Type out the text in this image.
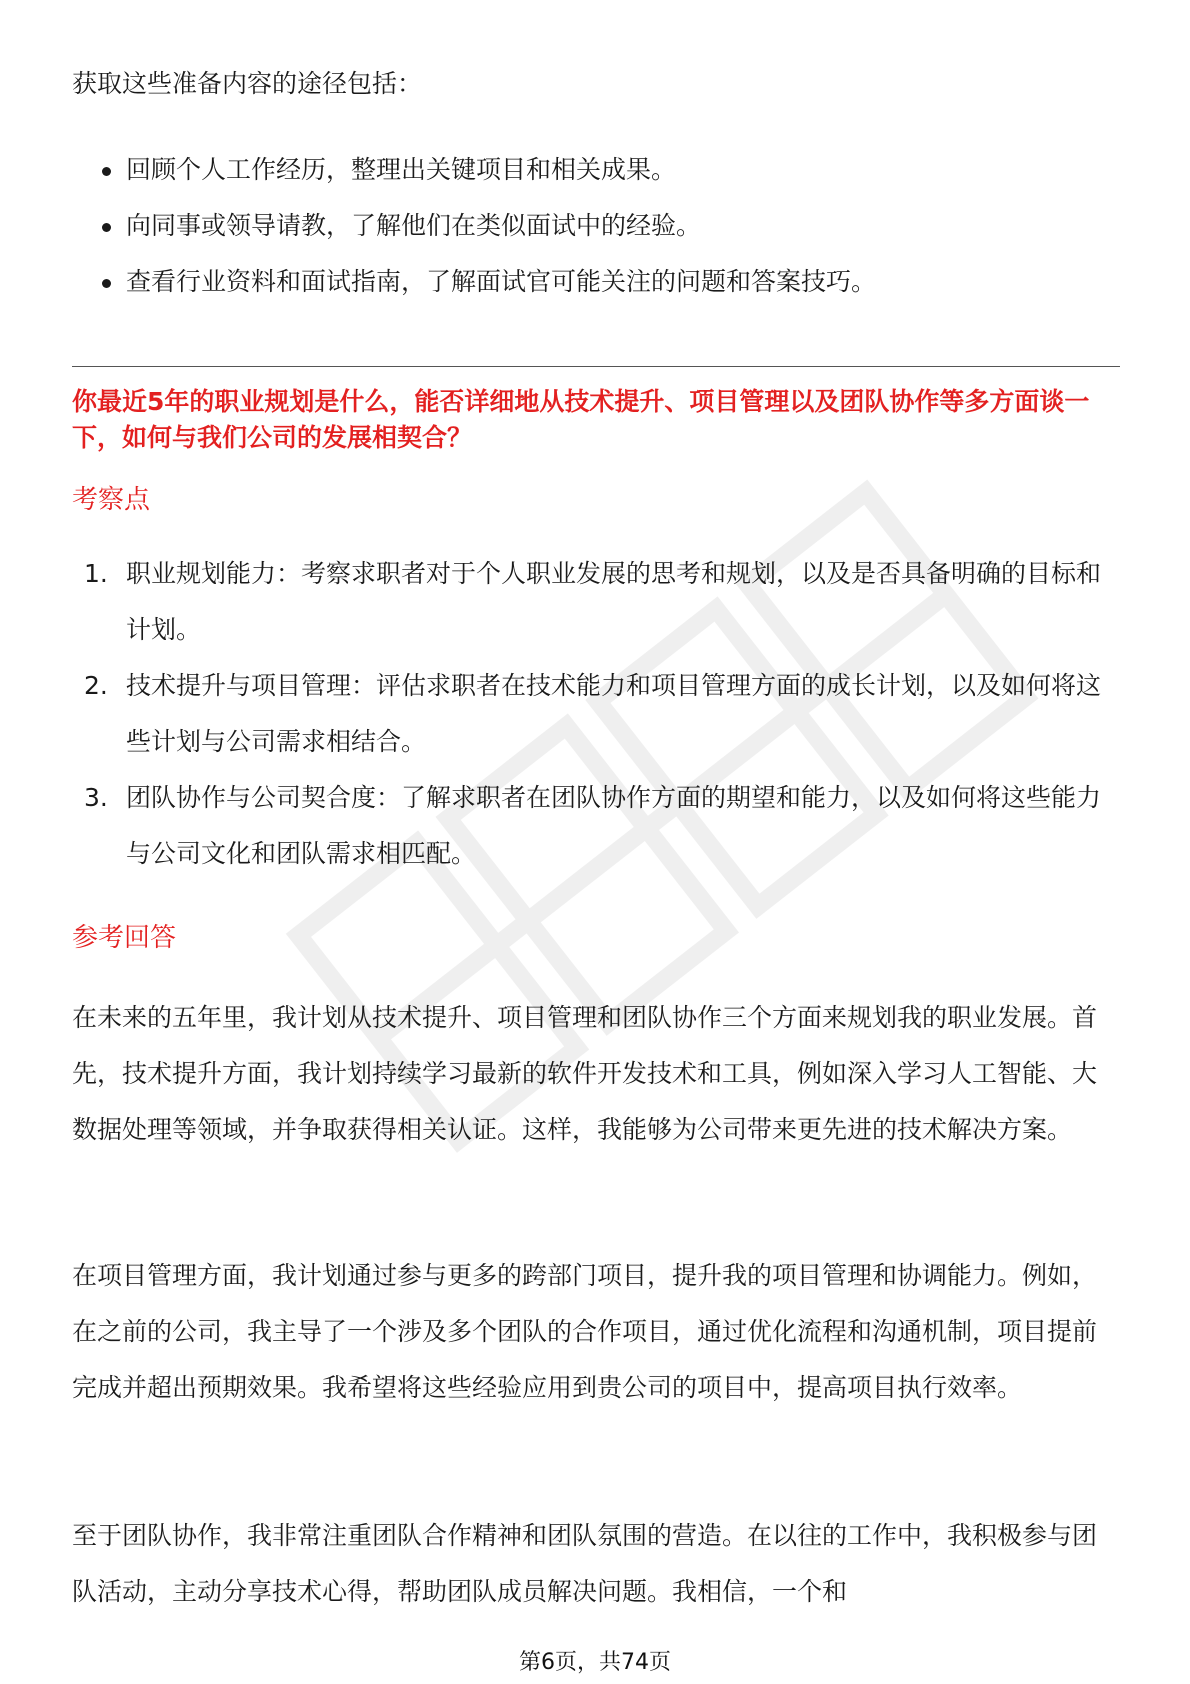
获取这些准备内容的途径包括：

回顾个人工作经历，整理出关键项目和相关成果。
向同事或领导请教，了解他们在类似面试中的经验。
查看行业资料和面试指南，了解面试官可能关注的问题和答案技巧。

你最近5年的职业规划是什么，能否详细地从技术提升、项目管理以及团队协作等多方面谈一下，如何与我们公司的发展相契合？

考察点
1. 职业规划能力：考察求职者对于个人职业发展的思考和规划，以及是否具备明确的目标和计划。
2. 技术提升与项目管理：评估求职者在技术能力和项目管理方面的成长计划，以及如何将这些计划与公司需求相结合。
3. 团队协作与公司契合度：了解求职者在团队协作方面的期望和能力，以及如何将这些能力与公司文化和团队需求相匹配。
参考回答

在未来的五年里，我计划从技术提升、项目管理和团队协作三个方面来规划我的职业发展。首先，技术提升方面，我计划持续学习最新的软件开发技术和工具，例如深入学习人工智能、大数据处理等领域，并争取获得相关认证。这样，我能够为公司带来更先进的技术解决方案。

在项目管理方面，我计划通过参与更多的跨部门项目，提升我的项目管理和协调能力。例如，在之前的公司，我主导了一个涉及多个团队的合作项目，通过优化流程和沟通机制，项目提前完成并超出预期效果。我希望将这些经验应用到贵公司的项目中，提高项目执行效率。

至于团队协作，我非常注重团队合作精神和团队氛围的营造。在以往的工作中，我积极参与团队活动，主动分享技术心得，帮助团队成员解决问题。我相信，一个和

第6页，共74页
